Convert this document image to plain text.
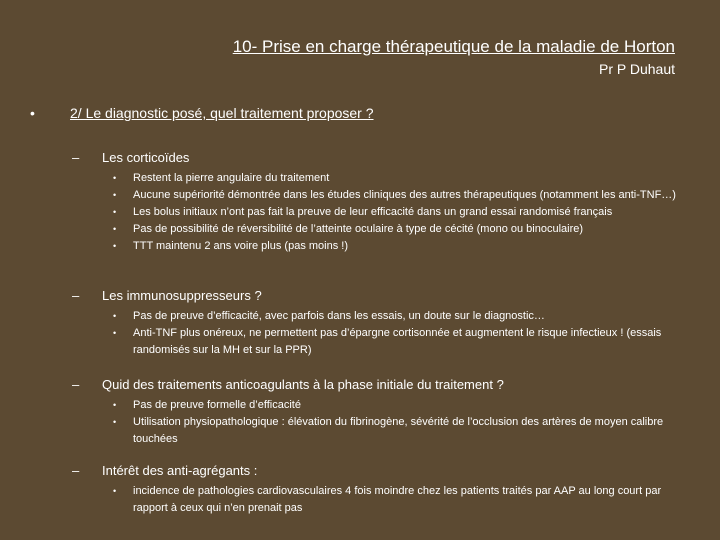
10- Prise en charge thérapeutique de la maladie de Horton
Pr P Duhaut
•	2/ Le diagnostic posé, quel traitement proposer ?
– Les corticoïdes
• Restent la pierre angulaire du traitement
• Aucune supériorité démontrée dans les études cliniques des autres thérapeutiques (notamment les anti-TNF…)
• Les bolus initiaux n’ont pas fait la preuve de leur efficacité dans un grand essai randomisé français
• Pas de possibilité de réversibilité de l’atteinte oculaire à type de cécité (mono ou binoculaire)
• TTT maintenu 2 ans voire plus (pas moins !)
– Les immunosuppresseurs ?
• Pas de preuve d’efficacité, avec parfois dans les essais, un doute sur le diagnostic…
• Anti-TNF plus onéreux, ne permettent pas d’épargne cortisonnée et augmentent le risque infectieux ! (essais randomisés sur la MH et sur la PPR)
– Quid des traitements anticoagulants à la phase initiale du traitement ?
• Pas de preuve formelle d’efficacité
• Utilisation physiopathologique : élévation du fibrinogène, sévérité de l’occlusion des artères de moyen calibre touchées
– Intérêt des anti-agrégants :
• incidence de pathologies cardiovasculaires 4 fois moindre chez les patients traités par AAP au long court par rapport à ceux qui n’en prenait pas
